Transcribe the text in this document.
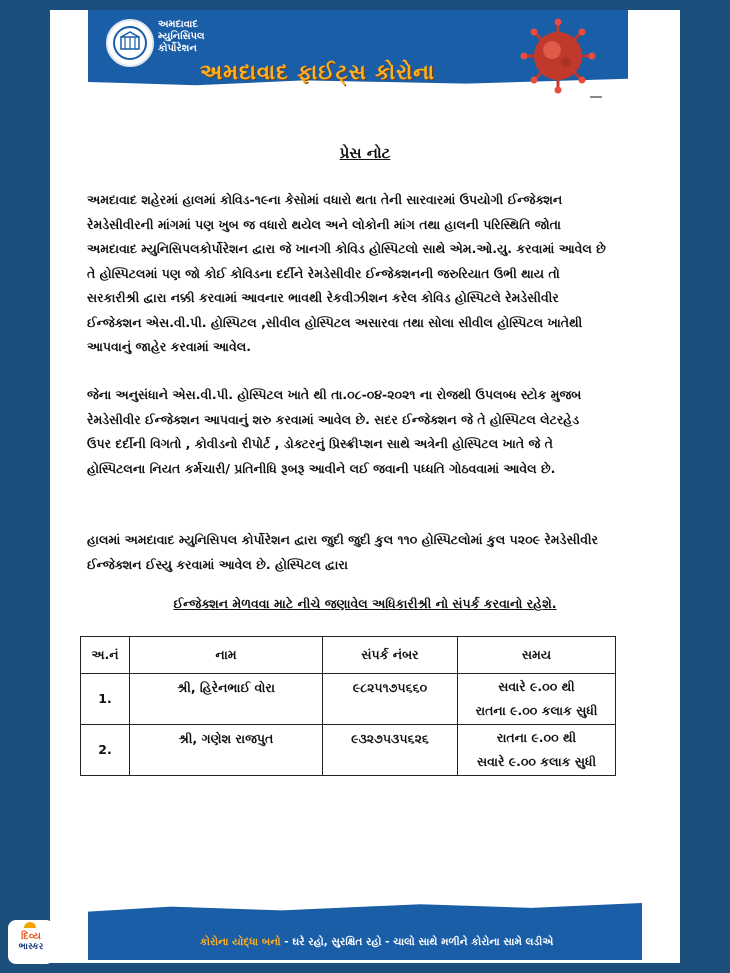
અમદાવાદ
મ્યુનિસિપલ
કોર્પોરેશન
અમદાવાદ ફાઈટ્સ કોરોના
પ્રેસ નોટ
અમદાવાદ શહેરમાં હાલમાં કોવિડ-૧૯ના કેસોમાં વધારો થતા તેની સારવારમાં ઉપયોગી ઈન્જેક્શન રેમડેસીવીરની માંગમાં પણ ખુબ જ વધારો થયેલ અને લોકોની માંગ તથા હાલની પરિસ્થિતિ જોતા અમદાવાદ મ્યુનિસિપલકોર્પોરેશન દ્વારા જે ખાનગી કોવિડ હોસ્પિટલો સાથે એમ.ઓ.યુ. કરવામાં આવેલ છે તે હોસ્પિટલમાં પણ જો કોઈ કોવિડના દર્દીને રેમડેસીવીર ઈન્જેક્શનની જરુરિયાત ઉભી થાય તો સરકારીશ્રી દ્વારા નક્કી કરવામાં આવનાર ભાવથી રેકવીઝીશન કરેલ કોવિડ હોસ્પિટલે રેમડેસીવીર ઈન્જેક્શન એસ.વી.પી. હોસ્પિટલ ,સીવીલ હોસ્પિટલ અસારવા તથા સોલા સીવીલ હોસ્પિટલ ખાતેથી આપવાનું જાહેર કરવામાં આવેલ.
જેના અનુસંધાને એસ.વી.પી. હોસ્પિટલ ખાતે થી તા.૦૮-૦૪-૨૦૨૧ ના રોજથી ઉપલબ્ધ સ્ટોક મુજબ રેમડેસીવીર ઈન્જેક્શન આપવાનું શરુ કરવામાં આવેલ છે. સદર ઈન્જેક્શન જે તે હોસ્પિટલ લેટરહેડ ઉપર દર્દીની વિગતો , કોવીડનો રીપોર્ટ , ડોક્ટરનું પ્રિસ્ક્રીપ્શન સાથે અત્રેની હોસ્પિટલ ખાતે જે તે હોસ્પિટલના નિયત કર્મચારી/ પ્રતિનીધિ રૂબરૂ આવીને લઈ જવાની પધ્ધતિ ગોઠવવામાં આવેલ છે.
હાલમાં અમદાવાદ મ્યુનિસિપલ કોર્પોરેશન દ્વારા જુદી જુદી કુલ ૧૧૦ હોસ્પિટલોમાં કુલ ૫૨૦૯ રેમડેસીવીર ઈન્જેક્શન ઈસ્યુ કરવામાં આવેલ છે. હોસ્પિટલ દ્વારા
ઈન્જેક્શન મેળવવા માટે નીચે જણાવેલ અધિકારીશ્રી નો સંપર્ક કરવાનો રહેશે.
અ.નં	નામ	સંપર્ક નંબર	સમય
1.	શ્રી, હિરેનભાઈ વોરા	૯૮૨૫૧૭૫૬૬૦	સવારે ૯.૦૦ થી
રાતના ૯.૦૦ કલાક સુધી

2.	શ્રી, ગણેશ રાજપુત	૯૩૨૭૫૩૫૬૨૬	રાતના ૯.૦૦ થી
સવારે ૯.૦૦ કલાક સુધી
કોરોના યોદ્ધા બનો - ઘરે રહો, સુરક્ષિત રહો - ચાલો સાથે મળીને કોરોના સામે લડીએ
દિવ્ય
ભાસ્કર
